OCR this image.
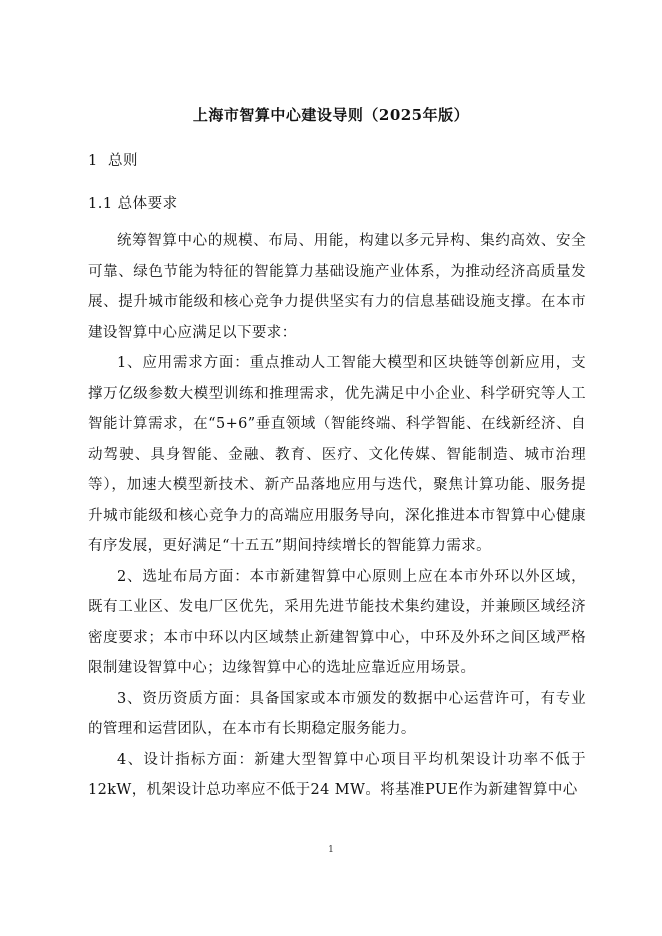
上海市智算中心建设导则（2025年版）
1 总则
1.1 总体要求

统筹智算中心的规模、布局、用能，构建以多元异构、集约高效、安全可靠、绿色节能为特征的智能算力基础设施产业体系，为推动经济高质量发展、提升城市能级和核心竞争力提供坚实有力的信息基础设施支撑。在本市建设智算中心应满足以下要求：

1、应用需求方面：重点推动人工智能大模型和区块链等创新应用，支撑万亿级参数大模型训练和推理需求，优先满足中小企业、科学研究等人工智能计算需求，在“5+6”垂直领域（智能终端、科学智能、在线新经济、自动驾驶、具身智能、金融、教育、医疗、文化传媒、智能制造、城市治理等），加速大模型新技术、新产品落地应用与迭代，聚焦计算功能、服务提升城市能级和核心竞争力的高端应用服务导向，深化推进本市智算中心健康有序发展，更好满足“十五五”期间持续增长的智能算力需求。

2、选址布局方面：本市新建智算中心原则上应在本市外环以外区域，既有工业区、发电厂区优先，采用先进节能技术集约建设，并兼顾区域经济密度要求；本市中环以内区域禁止新建智算中心，中环及外环之间区域严格限制建设智算中心；边缘智算中心的选址应靠近应用场景。

3、资历资质方面：具备国家或本市颁发的数据中心运营许可，有专业的管理和运营团队，在本市有长期稳定服务能力。

4、设计指标方面：新建大型智算中心项目平均机架设计功率不低于12kW，机架设计总功率应不低于24 MW。将基准PUE作为新建智算中心

1
